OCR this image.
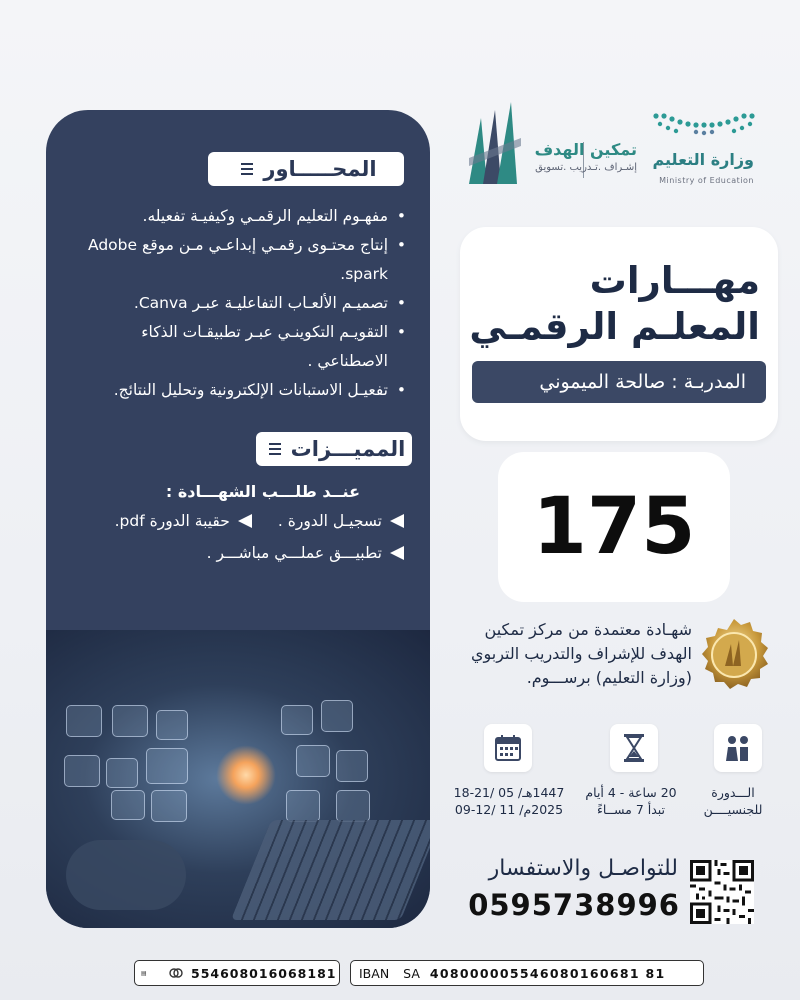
المحـــــاور
• مفهـوم التعليم الرقمـي وكيفيـة تفعيله.
• إنتاج محتـوى رقمـي إبداعـي مـن موقع Adobe spark.
• تصميـم الألعـاب التفاعليـة عبـر Canva.
• التقويـم التكوينـي عبـر تطبيقـات الذكاء الاصطناعي .
• تفعيـل الاستبانات الإلكترونية وتحليل النتائج.
المميـــزات
عنــد طلـــب الشهـــادة :
تسجيـل الدورة .
حقيبة الدورة pdf.
تطبيـــق عملـــي مباشـــر .
وزارة التعليم
Ministry of Education
تمكين الهدف
إشـراف .تـدريب .تسويق
مهـــارات
المعلـم الرقمـي
المدربـة : صالحة الميموني
175
شهـادة معتمدة من مركز تمكين الهدف للإشراف والتدريب التربوي (وزارة التعليم) برســـوم.
الـــدورة
للجنسيــــن
20 ساعة - 4 أيام
تبدأ 7 مســاءً
1447هـ/ 05 /21-18
2025م/ 11 /12-09
للتواصـل والاستفسار
0595738996
▤	554608016068181 IBAN SA 408000005546080160681 81
